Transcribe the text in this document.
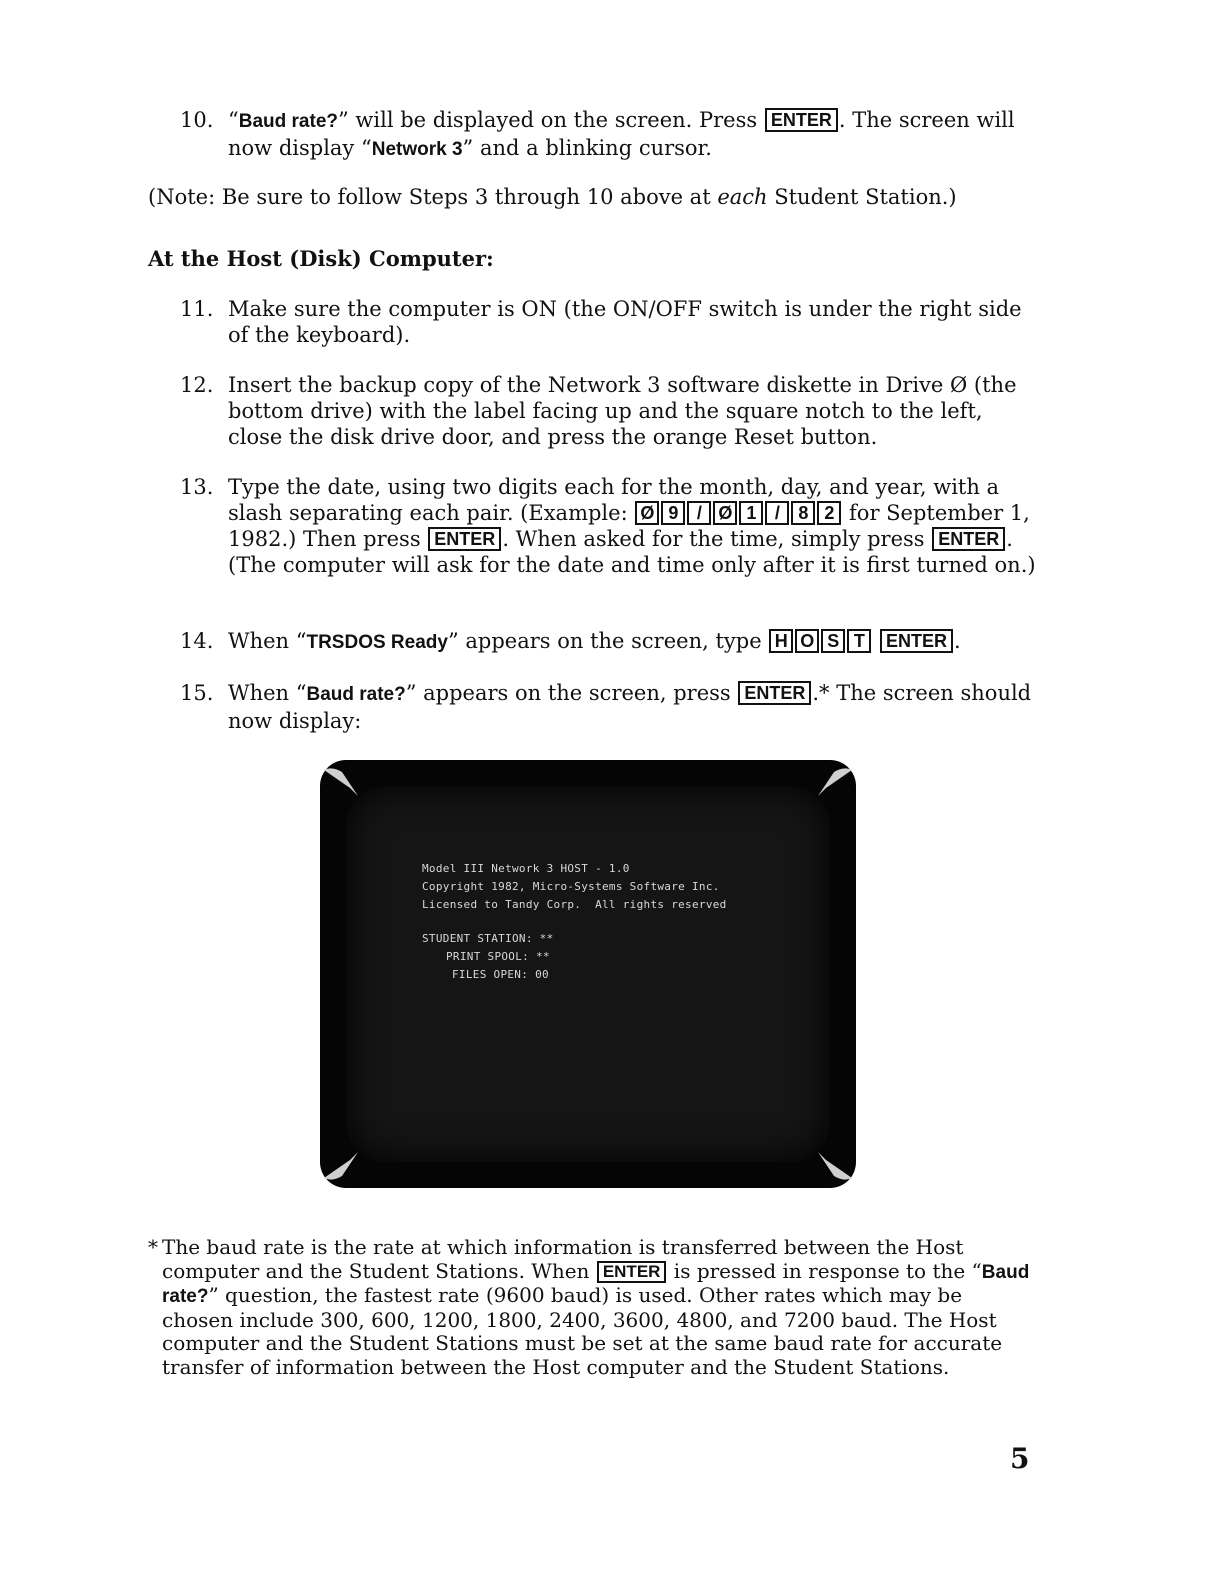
10. “Baud rate?” will be displayed on the screen. Press ENTER . The screen will now display “Network 3” and a blinking cursor.
(Note: Be sure to follow Steps 3 through 10 above at each Student Station.)
At the Host (Disk) Computer:
11. Make sure the computer is ON (the ON/OFF switch is under the right side of the keyboard).
12. Insert the backup copy of the Network 3 software diskette in Drive Ø (the bottom drive) with the label facing up and the square notch to the left, close the disk drive door, and press the orange Reset button.
13. Type the date, using two digits each for the month, day, and year, with a slash separating each pair. (Example: Ø 9 / Ø 1 / 8 2 for September 1, 1982.) Then press ENTER . When asked for the time, simply press ENTER . (The computer will ask for the date and time only after it is first turned on.)
14. When “TRSDOS Ready” appears on the screen, type H O S T ENTER .
15. When “Baud rate?” appears on the screen, press ENTER .* The screen should now display:
Model III Network 3 HOST - 1.0
Copyright 1982, Micro-Systems Software Inc.
Licensed to Tandy Corp.  All rights reserved
STUDENT STATION: **
PRINT SPOOL: **
FILES OPEN: 00
* The baud rate is the rate at which information is transferred between the Host computer and the Student Stations. When ENTER is pressed in response to the “Baud rate?” question, the fastest rate (9600 baud) is used. Other rates which may be chosen include 300, 600, 1200, 1800, 2400, 3600, 4800, and 7200 baud. The Host computer and the Student Stations must be set at the same baud rate for accurate transfer of information between the Host computer and the Student Stations.
5
